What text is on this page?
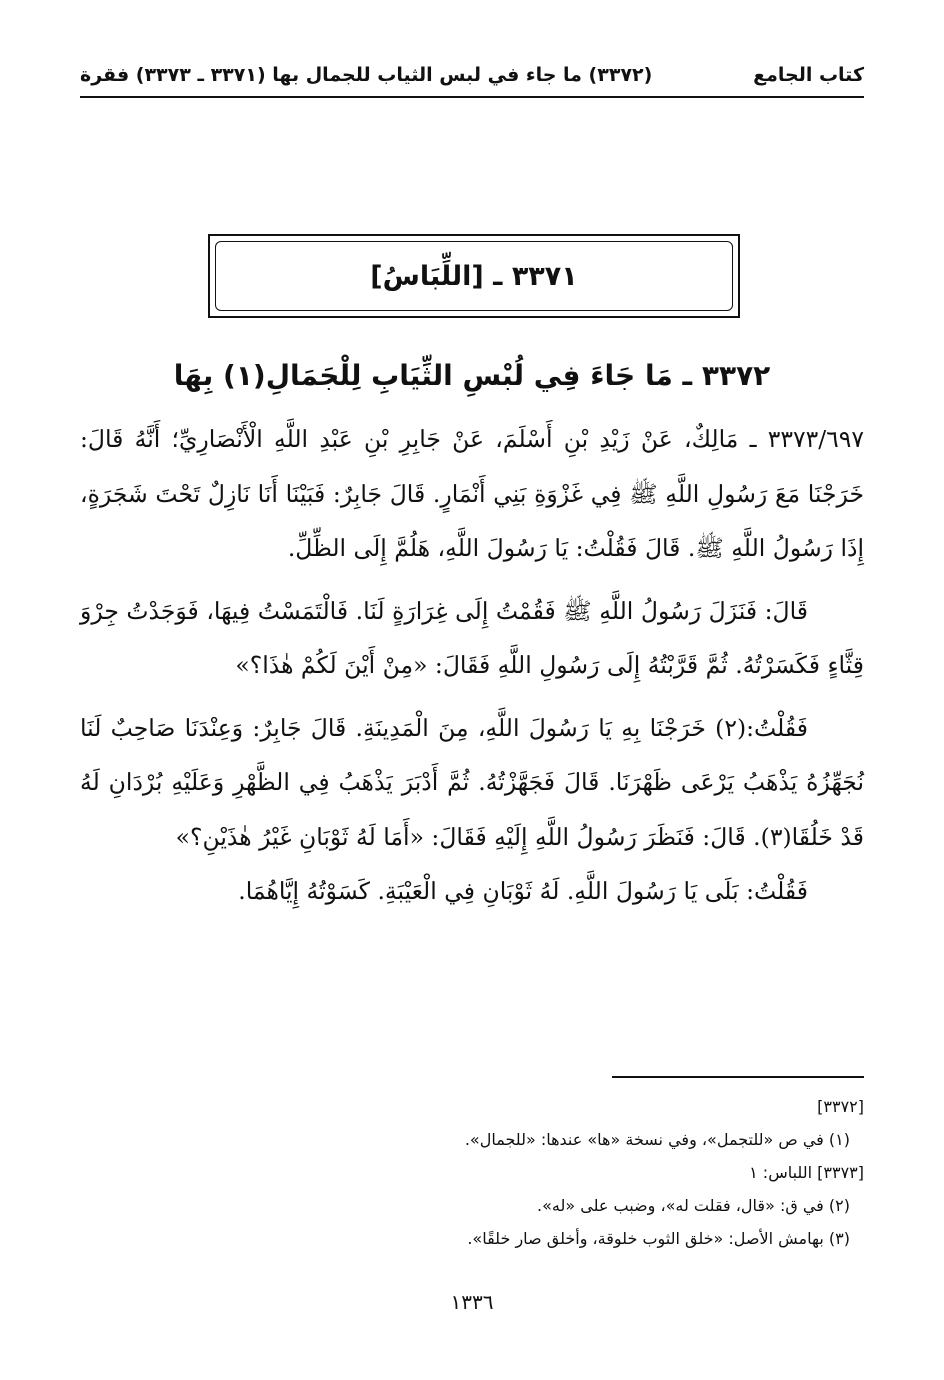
كتاب الجامع
(٣٣٧٢) ما جاء في لبس الثياب للجمال بها (٣٣٧١ ـ ٣٣٧٣) فقرة
٣٣٧١ ـ [اللِّبَاسُ]
٣٣٧٢ ـ مَا جَاءَ فِي لُبْسِ الثِّيَابِ لِلْجَمَالِ(١) بِهَا

٣٣٧٣/٦٩٧ ـ مَالِكٌ، عَنْ زَيْدِ بْنِ أَسْلَمَ، عَنْ جَابِرِ بْنِ عَبْدِ اللَّهِ الْأَنْصَارِيِّ؛ أَنَّهُ قَالَ: خَرَجْنَا مَعَ رَسُولِ اللَّهِ ﷺ فِي غَزْوَةِ بَنِي أَنْمَارٍ. قَالَ جَابِرٌ: فَبَيْنَا أَنَا نَازِلٌ تَحْتَ شَجَرَةٍ، إِذَا رَسُولُ اللَّهِ ﷺ. قَالَ فَقُلْتُ: يَا رَسُولَ اللَّهِ، هَلُمَّ إِلَى الظِّلِّ.

قَالَ: فَنَزَلَ رَسُولُ اللَّهِ ﷺ فَقُمْتُ إِلَى غِرَارَةٍ لَنَا. فَالْتَمَسْتُ فِيهَا، فَوَجَدْتُ جِرْوَ قِثَّاءٍ فَكَسَرْتُهُ. ثُمَّ قَرَّبْتُهُ إِلَى رَسُولِ اللَّهِ فَقَالَ: «مِنْ أَيْنَ لَكُمْ هٰذَا؟»

فَقُلْتُ:(٢) خَرَجْنَا بِهِ يَا رَسُولَ اللَّهِ، مِنَ الْمَدِينَةِ. قَالَ جَابِرٌ: وَعِنْدَنَا صَاحِبٌ لَنَا نُجَهِّزُهُ يَذْهَبُ يَرْعَى ظَهْرَنَا. قَالَ فَجَهَّزْتُهُ. ثُمَّ أَدْبَرَ يَذْهَبُ فِي الظَّهْرِ وَعَلَيْهِ بُرْدَانِ لَهُ قَدْ خَلُقَا(٣). قَالَ: فَنَظَرَ رَسُولُ اللَّهِ إِلَيْهِ فَقَالَ: «أَمَا لَهُ ثَوْبَانِ غَيْرُ هٰذَيْنِ؟»

فَقُلْتُ: بَلَى يَا رَسُولَ اللَّهِ. لَهُ ثَوْبَانِ فِي الْعَيْبَةِ. كَسَوْتُهُ إِيَّاهُمَا.

[٣٣٧٢]

(١) في ص «للتجمل»، وفي نسخة «ها» عندها: «للجمال».

[٣٣٧٣] اللباس: ١

(٢) في ق: «قال، فقلت له»، وضبب على «له».

(٣) بهامش الأصل: «خلق الثوب خلوقة، وأخلق صار خلقًا».

١٣٣٦
